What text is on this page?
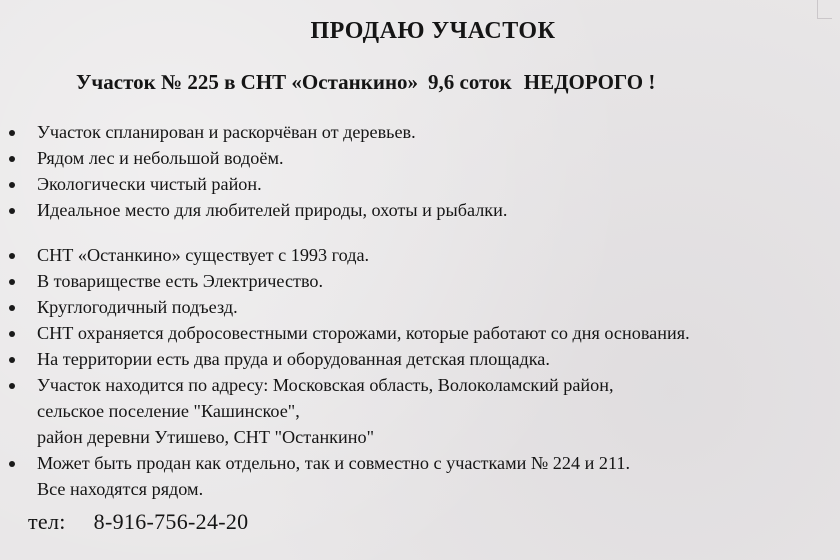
ПРОДАЮ УЧАСТОК
Участок № 225 в СНТ «Останкино» 9,6 соток НЕДОРОГО !
Участок спланирован и раскорчёван от деревьев.
Рядом лес и небольшой водоём.
Экологически чистый район.
Идеальное место для любителей природы, охоты и рыбалки.
СНТ «Останкино» существует с 1993 года.
В товариществе есть Электричество.
Круглогодичный подъезд.
СНТ охраняется добросовестными сторожами, которые работают со дня основания.
На территории есть два пруда и оборудованная детская площадка.
Участок находится по адресу: Московская область, Волоколамский район,
сельское поселение "Кашинское",
район деревни Утишево, СНТ "Останкино"
Может быть продан как отдельно, так и совместно с участками № 224 и 211.
Все находятся рядом.
тел: 8-916-756-24-20
